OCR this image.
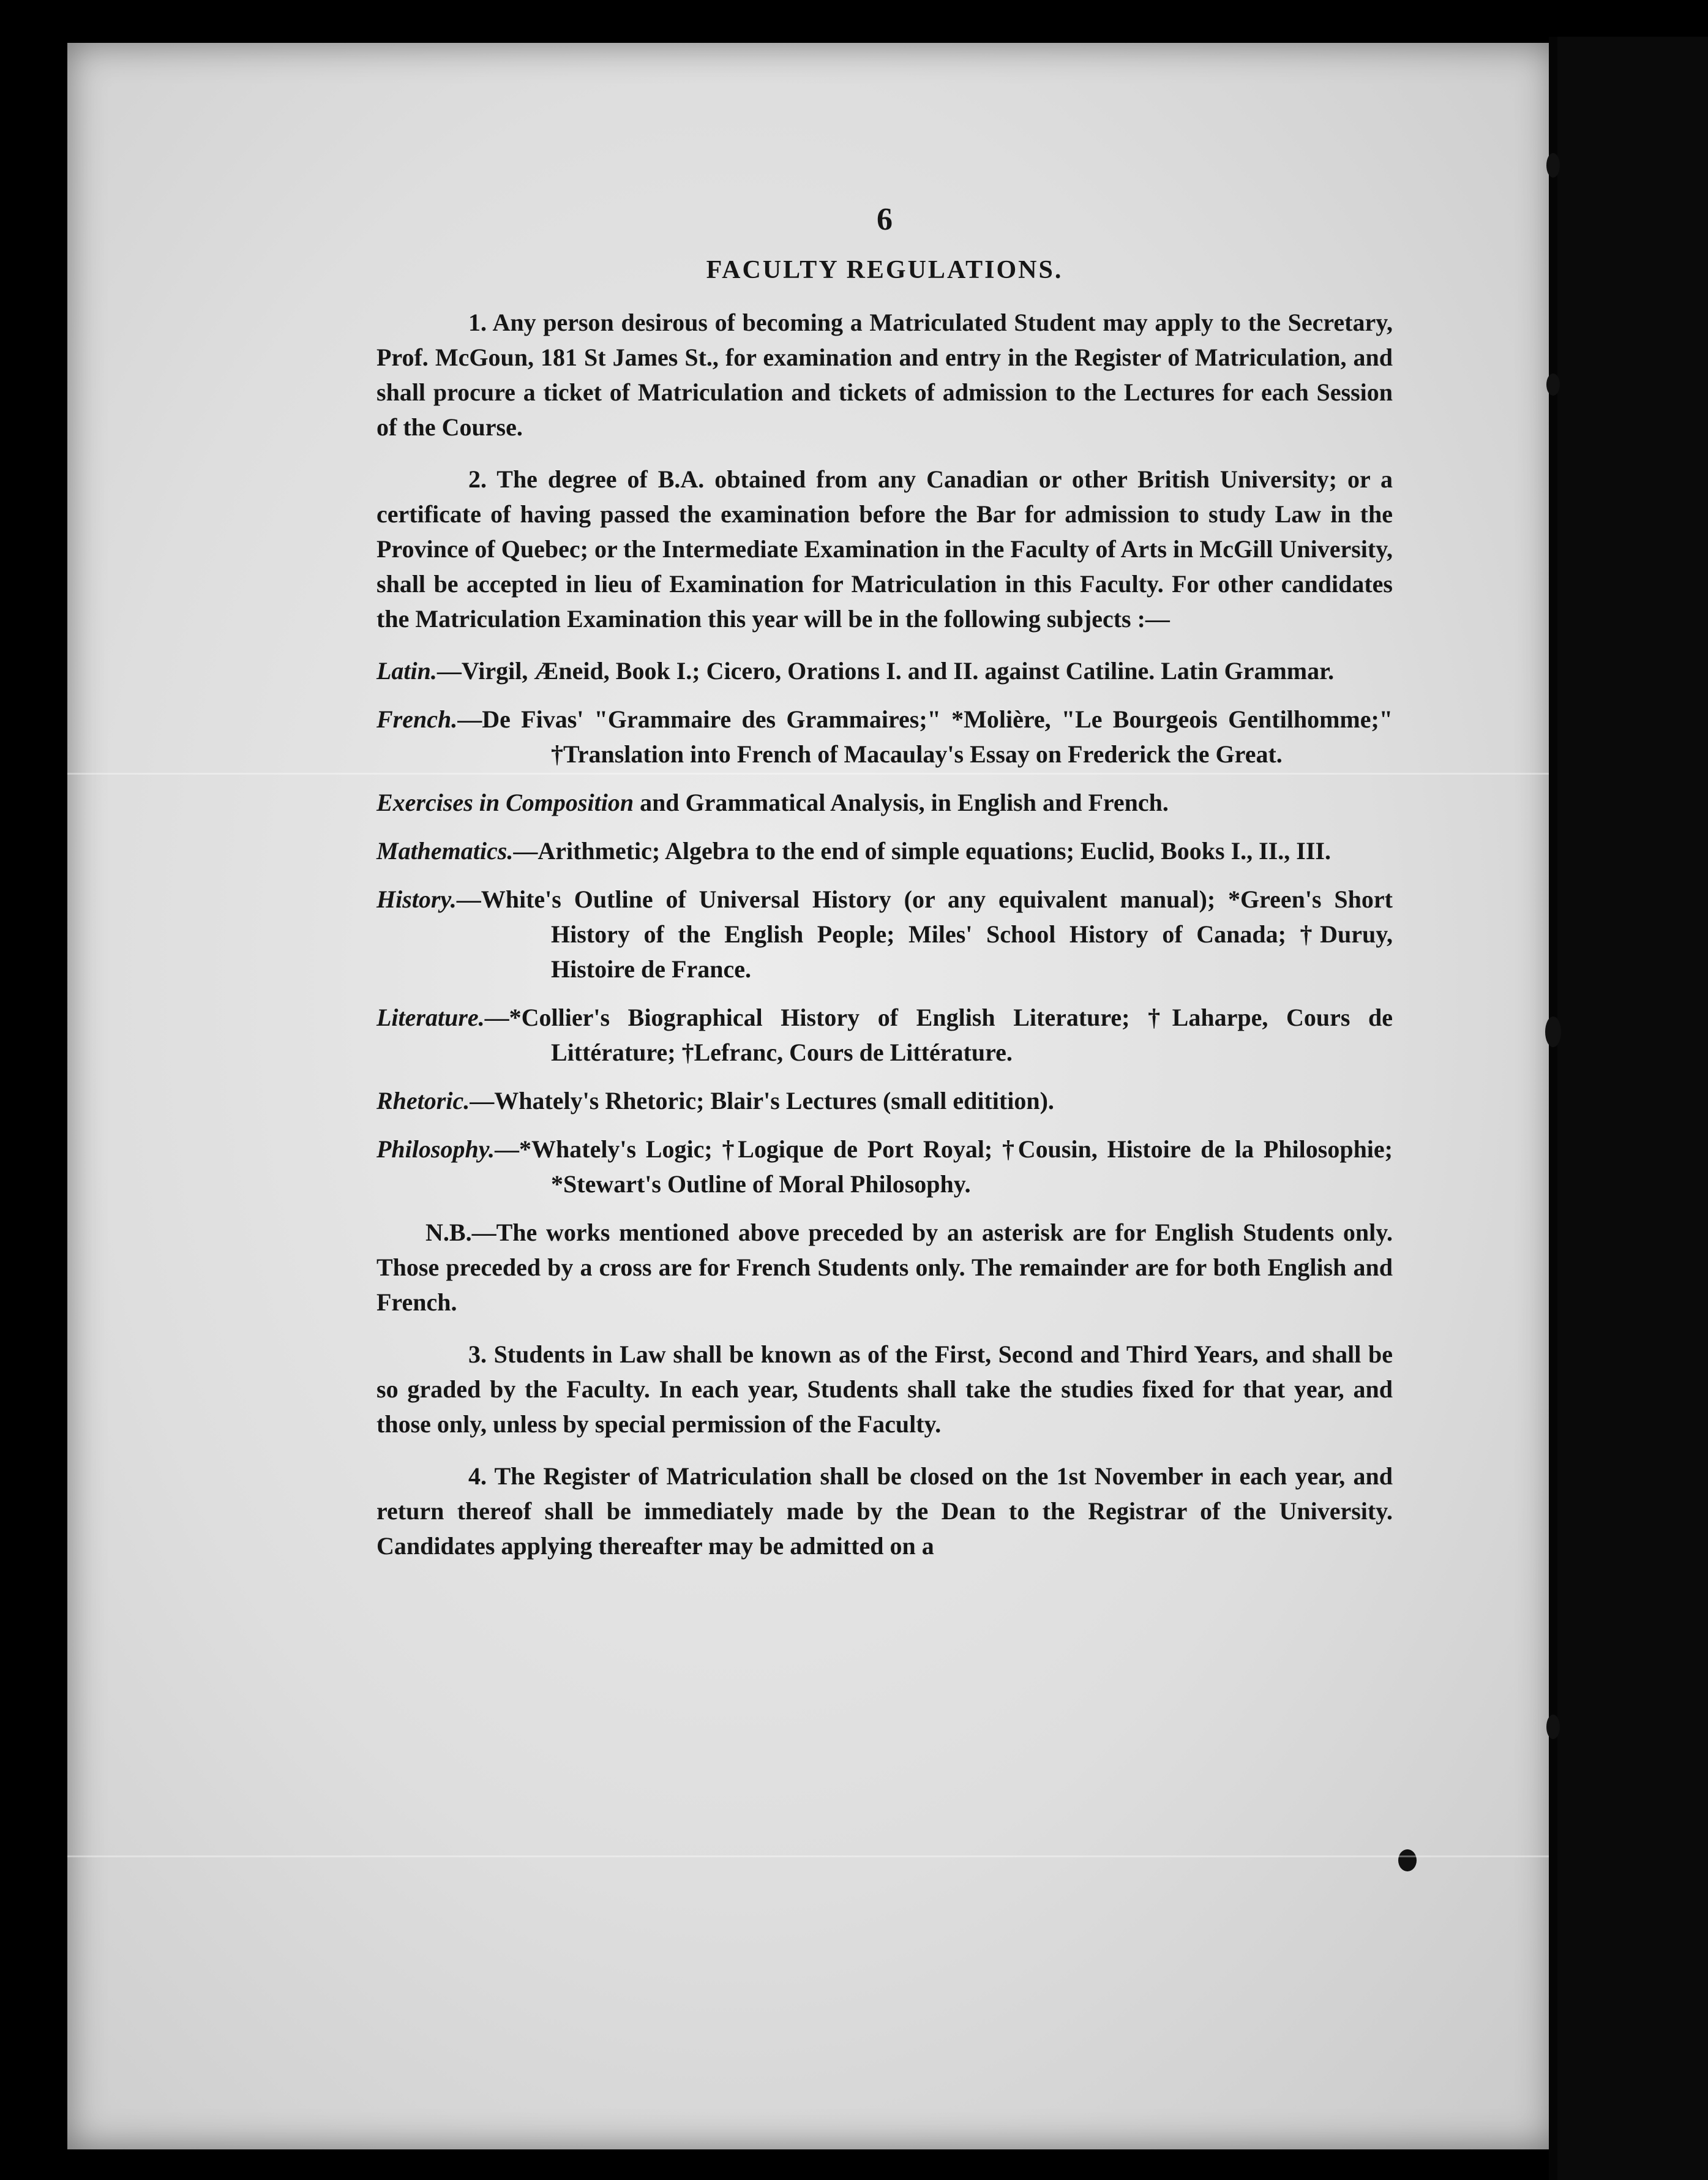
6
FACULTY REGULATIONS.

1. Any person desirous of becoming a Matriculated Student may apply to the Secretary, Prof. McGoun, 181 St James St., for examination and entry in the Register of Matriculation, and shall procure a ticket of Matriculation and tickets of admission to the Lectures for each Session of the Course.

2. The degree of B.A. obtained from any Canadian or other British University; or a certificate of having passed the examination before the Bar for admission to study Law in the Province of Quebec; or the Intermediate Examination in the Faculty of Arts in McGill University, shall be accepted in lieu of Examination for Matriculation in this Faculty. For other candidates the Matriculation Examination this year will be in the following subjects :—

Latin.—Virgil, Æneid, Book I.; Cicero, Orations I. and II. against Catiline. Latin Grammar.

French.—De Fivas' "Grammaire des Grammaires;" *Molière, "Le Bourgeois Gentilhomme;" †Translation into French of Macaulay's Essay on Frederick the Great.

Exercises in Composition and Grammatical Analysis, in English and French.

Mathematics.—Arithmetic; Algebra to the end of simple equations; Euclid, Books I., II., III.

History.—White's Outline of Universal History (or any equivalent manual); *Green's Short History of the English People; Miles' School History of Canada; †Duruy, Histoire de France.

Literature.—*Collier's Biographical History of English Literature; †Laharpe, Cours de Littérature; †Lefranc, Cours de Littérature.

Rhetoric.—Whately's Rhetoric; Blair's Lectures (small editition).

Philosophy.—*Whately's Logic; †Logique de Port Royal; †Cousin, Histoire de la Philosophie; *Stewart's Outline of Moral Philosophy.

N.B.—The works mentioned above preceded by an asterisk are for English Students only. Those preceded by a cross are for French Students only. The remainder are for both English and French.

3. Students in Law shall be known as of the First, Second and Third Years, and shall be so graded by the Faculty. In each year, Students shall take the studies fixed for that year, and those only, unless by special permission of the Faculty.

4. The Register of Matriculation shall be closed on the 1st November in each year, and return thereof shall be immediately made by the Dean to the Registrar of the University. Candidates applying thereafter may be admitted on a
